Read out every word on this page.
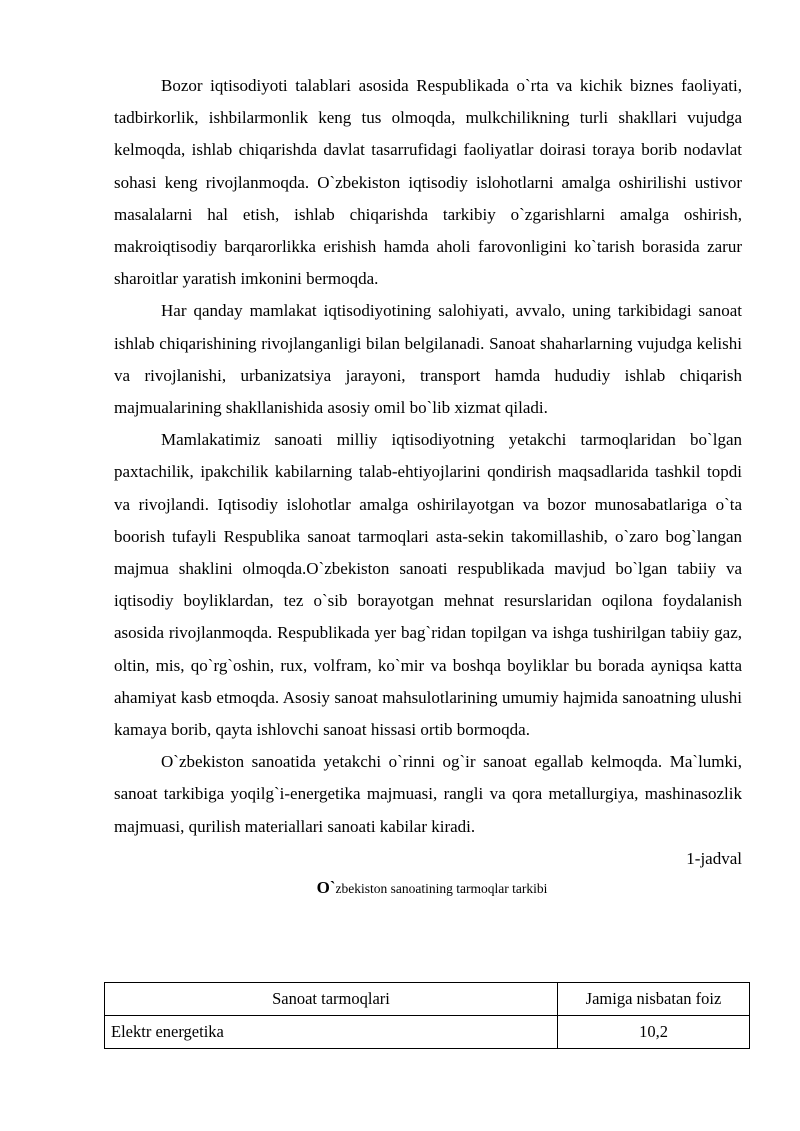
Bozor iqtisodiyoti talablari asosida Respublikada o`rta va kichik biznes faoliyati, tadbirkorlik, ishbilarmonlik keng tus olmoqda, mulkchilikning turli shakllari vujudga kelmoqda, ishlab chiqarishda davlat tasarrufidagi faoliyatlar doirasi toraya borib nodavlat sohasi keng rivojlanmoqda. O`zbekiston iqtisodiy islohotlarni amalga oshirilishi ustivor masalalarni hal etish, ishlab chiqarishda tarkibiy o`zgarishlarni amalga oshirish, makroiqtisodiy barqarorlikka erishish hamda aholi farovonligini ko`tarish borasida zarur sharoitlar yaratish imkonini bermoqda.

Har qanday mamlakat iqtisodiyotining salohiyati, avvalo, uning tarkibidagi sanoat ishlab chiqarishining rivojlanganligi bilan belgilanadi. Sanoat shaharlarning vujudga kelishi va rivojlanishi, urbanizatsiya jarayoni, transport hamda hududiy ishlab chiqarish majmualarining shakllanishida asosiy omil bo`lib xizmat qiladi.

Mamlakatimiz sanoati milliy iqtisodiyotning yetakchi tarmoqlaridan bo`lgan paxtachilik, ipakchilik kabilarning talab-ehtiyojlarini qondirish maqsadlarida tashkil topdi va rivojlandi. Iqtisodiy islohotlar amalga oshirilayotgan va bozor munosabatlariga o`ta boorish tufayli Respublika sanoat tarmoqlari asta-sekin takomillashib, o`zaro bog`langan majmua shaklini olmoqda.O`zbekiston sanoati respublikada mavjud bo`lgan tabiiy va iqtisodiy boyliklardan, tez o`sib borayotgan mehnat resurslaridan oqilona foydalanish asosida rivojlanmoqda. Respublikada yer bag`ridan topilgan va ishga tushirilgan tabiiy gaz, oltin, mis, qo`rg`oshin, rux, volfram, ko`mir va boshqa boyliklar bu borada ayniqsa katta ahamiyat kasb etmoqda. Asosiy sanoat mahsulotlarining umumiy hajmida sanoatning ulushi kamaya borib, qayta ishlovchi sanoat hissasi ortib bormoqda.

O`zbekiston sanoatida yetakchi o`rinni og`ir sanoat egallab kelmoqda. Ma`lumki, sanoat tarkibiga yoqilg`i-energetika majmuasi, rangli va qora metallurgiya, mashinasozlik majmuasi, qurilish materiallari sanoati kabilar kiradi.

1-jadval

O`zbekiston sanoatining tarmoqlar tarkibi

Sanoat tarmoqlari	Jamiga nisbatan foiz
Elektr energetika	10,2
